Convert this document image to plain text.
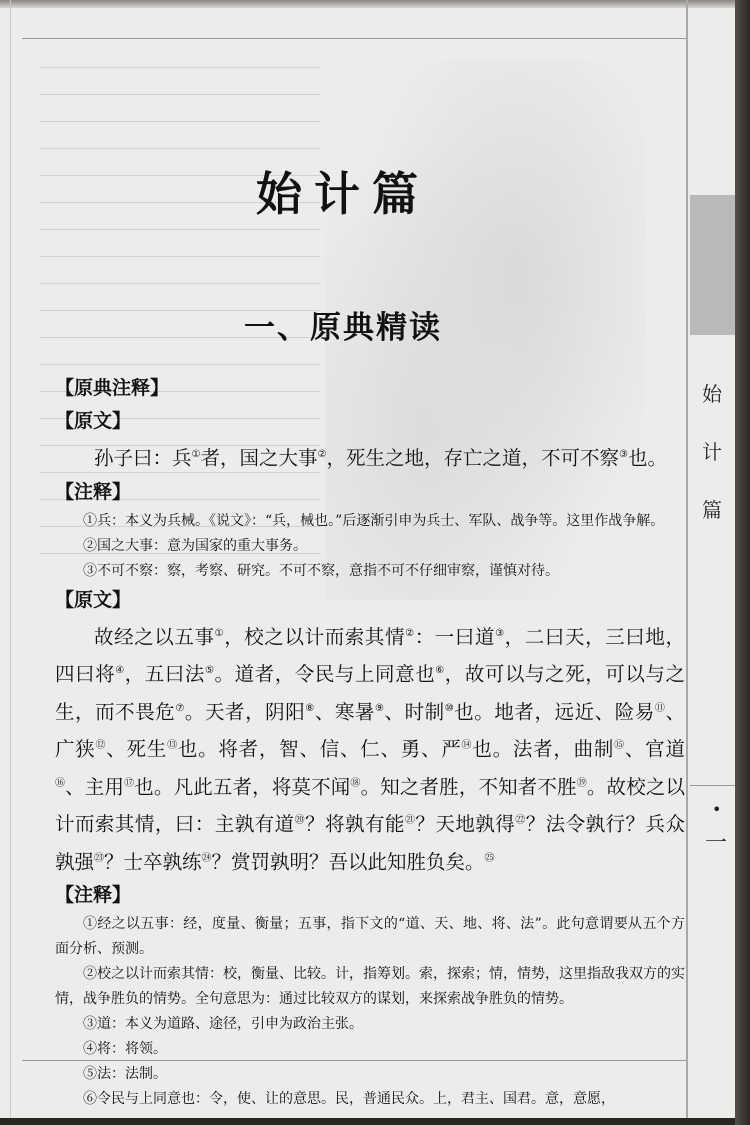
始
计
篇
•
一
始计篇
一、原典精读

【原典注释】

【原文】

孙子曰：兵①者，国之大事②，死生之地，存亡之道，不可不察③也。

【注释】

①兵：本义为兵械。《说文》：“兵，械也。”后逐渐引申为兵士、军队、战争等。这里作战争解。

②国之大事：意为国家的重大事务。

③不可不察：察，考察、研究。不可不察，意指不可不仔细审察，谨慎对待。

【原文】

故经之以五事①，校之以计而索其情②：一曰道③，二曰天，三曰地，四曰将④，五曰法⑤。道者，令民与上同意也⑥，故可以与之死，可以与之生，而不畏危⑦。天者，阴阳⑧、寒暑⑨、时制⑩也。地者，远近、险易⑪、广狭⑫、死生⑬也。将者，智、信、仁、勇、严⑭也。法者，曲制⑮、官道⑯、主用⑰也。凡此五者，将莫不闻⑱。知之者胜，不知者不胜⑲。故校之以计而索其情，曰：主孰有道⑳？将孰有能$^㉑$？天地孰得$^㉒$？法令孰行？兵众孰强$^㉓$？士卒孰练$^㉔$？赏罚孰明？吾以此知胜负矣。$^㉕$

【注释】

①经之以五事：经，度量、衡量；五事，指下文的“道、天、地、将、法”。此句意谓要从五个方面分析、预测。

②校之以计而索其情：校，衡量、比较。计，指筹划。索，探索；情，情势，这里指敌我双方的实情，战争胜负的情势。全句意思为：通过比较双方的谋划，来探索战争胜负的情势。

③道：本义为道路、途径，引申为政治主张。

④将：将领。

⑤法：法制。

⑥令民与上同意也：令，使、让的意思。民，普通民众。上，君主、国君。意，意愿，
